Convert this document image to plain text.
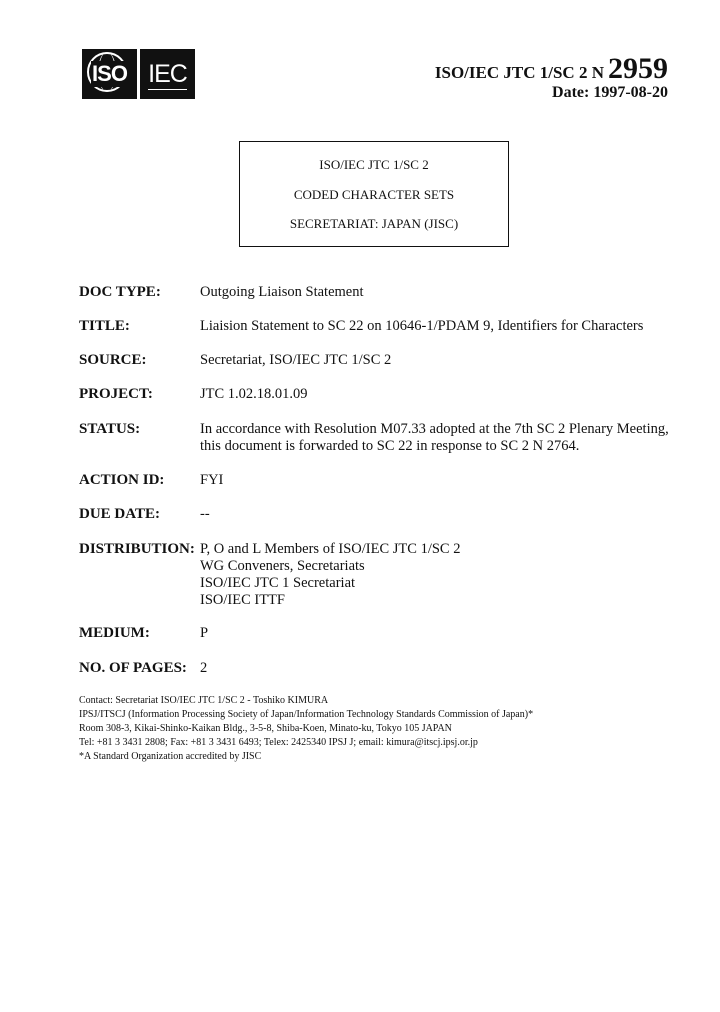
ISO IEC	ISO/IEC JTC 1/SC 2 N 2959
Date: 1997-08-20
ISO/IEC JTC 1/SC 2
CODED CHARACTER SETS
SECRETARIAT: JAPAN (JISC)
DOC TYPE:	Outgoing Liaison Statement
TITLE:	Liaision Statement to SC 22 on 10646-1/PDAM 9, Identifiers for Characters
SOURCE:	Secretariat, ISO/IEC JTC 1/SC 2
PROJECT:	JTC 1.02.18.01.09
STATUS:	In accordance with Resolution M07.33 adopted at the 7th SC 2 Plenary Meeting,
this document is forwarded to SC 22 in response to SC 2 N 2764.
ACTION ID: FYI
DUE DATE:	--
DISTRIBUTION: P, O and L Members of ISO/IEC JTC 1/SC 2
WG Conveners, Secretariats
ISO/IEC JTC 1 Secretariat
ISO/IEC ITTF
MEDIUM:	P
NO. OF PAGES: 2
Contact: Secretariat ISO/IEC JTC 1/SC 2 - Toshiko KIMURA
IPSJ/ITSCJ (Information Processing Society of Japan/Information Technology Standards Commission of Japan)*
Room 308-3, Kikai-Shinko-Kaikan Bldg., 3-5-8, Shiba-Koen, Minato-ku, Tokyo 105 JAPAN
Tel: +81 3 3431 2808; Fax: +81 3 3431 6493; Telex: 2425340 IPSJ J; email: kimura@itscj.ipsj.or.jp
*A Standard Organization accredited by JISC
